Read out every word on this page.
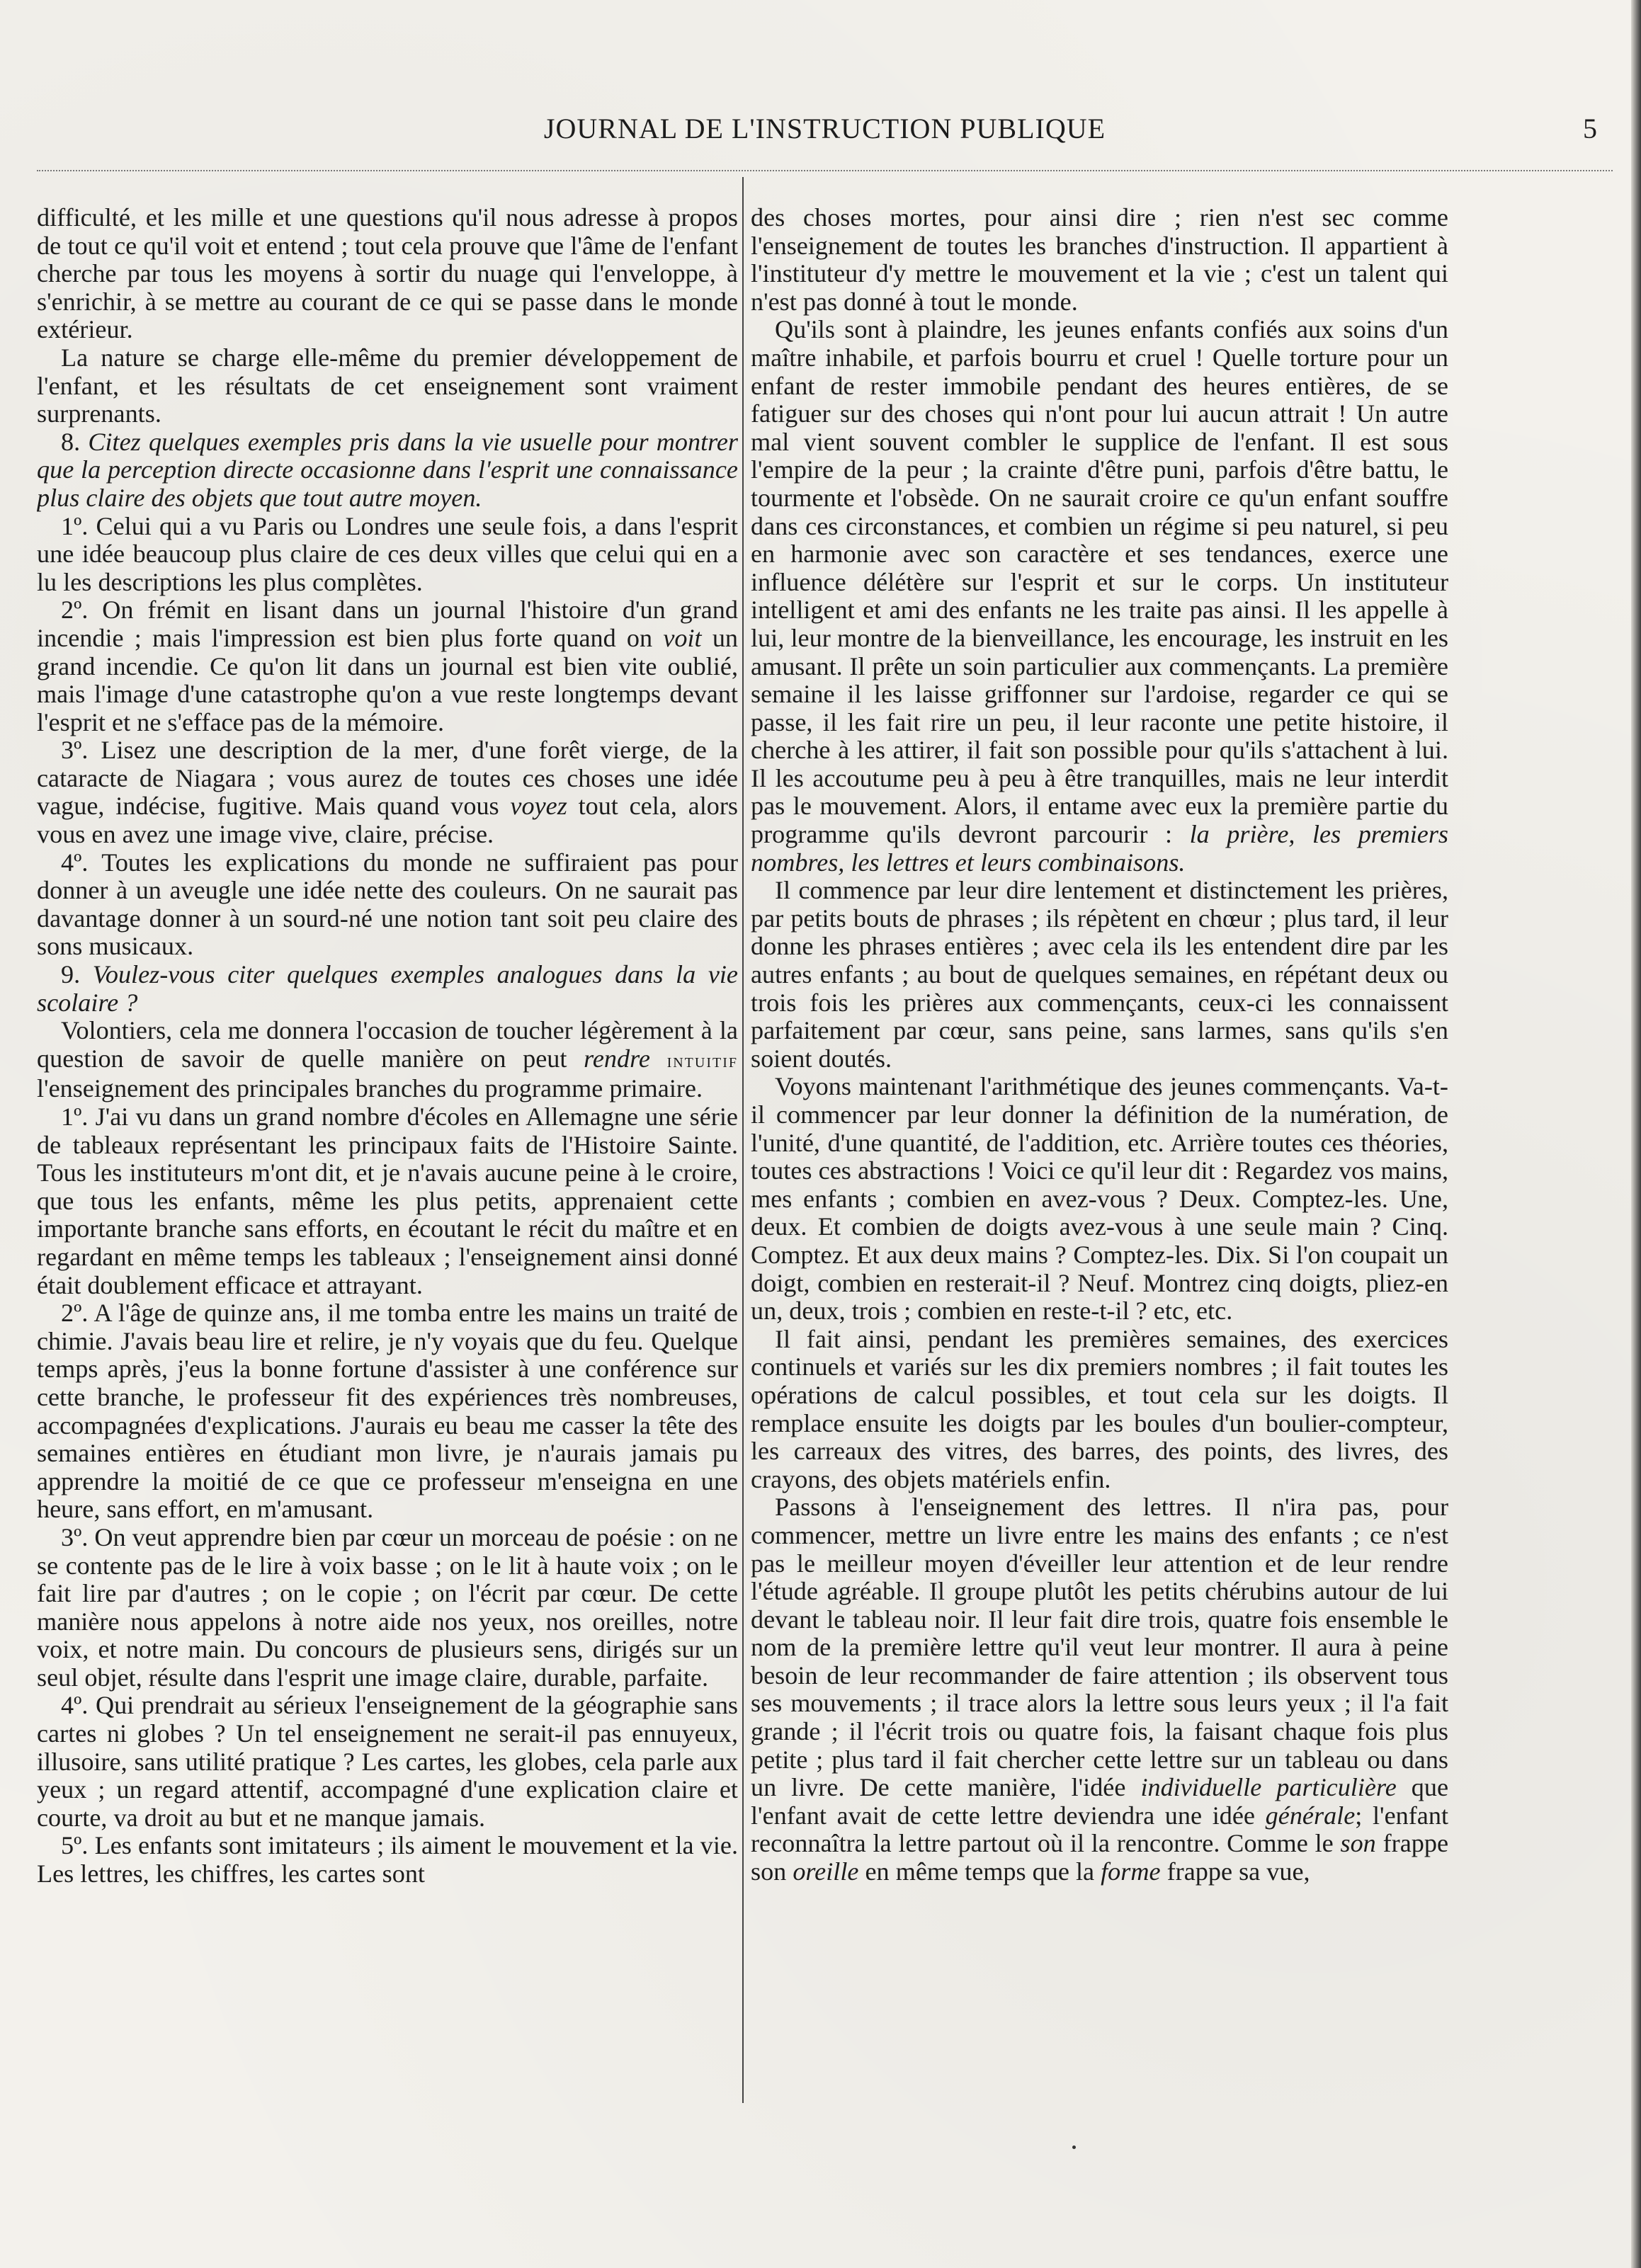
JOURNAL DE L'INSTRUCTION PUBLIQUE	5

difficulté, et les mille et une questions qu'il nous adresse à propos de tout ce qu'il voit et entend ; tout cela prouve que l'âme de l'enfant cherche par tous les moyens à sortir du nuage qui l'enveloppe, à s'enrichir, à se mettre au courant de ce qui se passe dans le monde extérieur.

La nature se charge elle-même du premier développement de l'enfant, et les résultats de cet enseignement sont vraiment surprenants.

8. Citez quelques exemples pris dans la vie usuelle pour montrer que la perception directe occasionne dans l'esprit une connaissance plus claire des objets que tout autre moyen.

1º. Celui qui a vu Paris ou Londres une seule fois, a dans l'esprit une idée beaucoup plus claire de ces deux villes que celui qui en a lu les descriptions les plus complètes.

2º. On frémit en lisant dans un journal l'histoire d'un grand incendie ; mais l'impression est bien plus forte quand on voit un grand incendie. Ce qu'on lit dans un journal est bien vite oublié, mais l'image d'une catastrophe qu'on a vue reste longtemps devant l'esprit et ne s'efface pas de la mémoire.

3º. Lisez une description de la mer, d'une forêt vierge, de la cataracte de Niagara ; vous aurez de toutes ces choses une idée vague, indécise, fugitive. Mais quand vous voyez tout cela, alors vous en avez une image vive, claire, précise.

4º. Toutes les explications du monde ne suffiraient pas pour donner à un aveugle une idée nette des couleurs. On ne saurait pas davantage donner à un sourd-né une notion tant soit peu claire des sons musicaux.

9. Voulez-vous citer quelques exemples analogues dans la vie scolaire ?

Volontiers, cela me donnera l'occasion de toucher légèrement à la question de savoir de quelle manière on peut rendre intuitif l'enseignement des principales branches du programme primaire.

1º. J'ai vu dans un grand nombre d'écoles en Allemagne une série de tableaux représentant les principaux faits de l'Histoire Sainte. Tous les instituteurs m'ont dit, et je n'avais aucune peine à le croire, que tous les enfants, même les plus petits, apprenaient cette importante branche sans efforts, en écoutant le récit du maître et en regardant en même temps les tableaux ; l'enseignement ainsi donné était doublement efficace et attrayant.

2º. A l'âge de quinze ans, il me tomba entre les mains un traité de chimie. J'avais beau lire et relire, je n'y voyais que du feu. Quelque temps après, j'eus la bonne fortune d'assister à une conférence sur cette branche, le professeur fit des expériences très nombreuses, accompagnées d'explications. J'aurais eu beau me casser la tête des semaines entières en étudiant mon livre, je n'aurais jamais pu apprendre la moitié de ce que ce professeur m'enseigna en une heure, sans effort, en m'amusant.

3º. On veut apprendre bien par cœur un morceau de poésie : on ne se contente pas de le lire à voix basse ; on le lit à haute voix ; on le fait lire par d'autres ; on le copie ; on l'écrit par cœur. De cette manière nous appelons à notre aide nos yeux, nos oreilles, notre voix, et notre main. Du concours de plusieurs sens, dirigés sur un seul objet, résulte dans l'esprit une image claire, durable, parfaite.

4º. Qui prendrait au sérieux l'enseignement de la géographie sans cartes ni globes ? Un tel enseignement ne serait-il pas ennuyeux, illusoire, sans utilité pratique ? Les cartes, les globes, cela parle aux yeux ; un regard attentif, accompagné d'une explication claire et courte, va droit au but et ne manque jamais.

5º. Les enfants sont imitateurs ; ils aiment le mouvement et la vie. Les lettres, les chiffres, les cartes sont

des choses mortes, pour ainsi dire ; rien n'est sec comme l'enseignement de toutes les branches d'instruction. Il appartient à l'instituteur d'y mettre le mouvement et la vie ; c'est un talent qui n'est pas donné à tout le monde.

Qu'ils sont à plaindre, les jeunes enfants confiés aux soins d'un maître inhabile, et parfois bourru et cruel ! Quelle torture pour un enfant de rester immobile pendant des heures entières, de se fatiguer sur des choses qui n'ont pour lui aucun attrait ! Un autre mal vient souvent combler le supplice de l'enfant. Il est sous l'empire de la peur ; la crainte d'être puni, parfois d'être battu, le tourmente et l'obsède. On ne saurait croire ce qu'un enfant souffre dans ces circonstances, et combien un régime si peu naturel, si peu en harmonie avec son caractère et ses tendances, exerce une influence délétère sur l'esprit et sur le corps. Un instituteur intelligent et ami des enfants ne les traite pas ainsi. Il les appelle à lui, leur montre de la bienveillance, les encourage, les instruit en les amusant. Il prête un soin particulier aux commençants. La première semaine il les laisse griffonner sur l'ardoise, regarder ce qui se passe, il les fait rire un peu, il leur raconte une petite histoire, il cherche à les attirer, il fait son possible pour qu'ils s'attachent à lui. Il les accoutume peu à peu à être tranquilles, mais ne leur interdit pas le mouvement. Alors, il entame avec eux la première partie du programme qu'ils devront parcourir : la prière, les premiers nombres, les lettres et leurs combinaisons.

Il commence par leur dire lentement et distinctement les prières, par petits bouts de phrases ; ils répètent en chœur ; plus tard, il leur donne les phrases entières ; avec cela ils les entendent dire par les autres enfants ; au bout de quelques semaines, en répétant deux ou trois fois les prières aux commençants, ceux-ci les connaissent parfaitement par cœur, sans peine, sans larmes, sans qu'ils s'en soient doutés.

Voyons maintenant l'arithmétique des jeunes commençants. Va-t-il commencer par leur donner la définition de la numération, de l'unité, d'une quantité, de l'addition, etc. Arrière toutes ces théories, toutes ces abstractions ! Voici ce qu'il leur dit : Regardez vos mains, mes enfants ; combien en avez-vous ? Deux. Comptez-les. Une, deux. Et combien de doigts avez-vous à une seule main ? Cinq. Comptez. Et aux deux mains ? Comptez-les. Dix. Si l'on coupait un doigt, combien en resterait-il ? Neuf. Montrez cinq doigts, pliez-en un, deux, trois ; combien en reste-t-il ? etc, etc.

Il fait ainsi, pendant les premières semaines, des exercices continuels et variés sur les dix premiers nombres ; il fait toutes les opérations de calcul possibles, et tout cela sur les doigts. Il remplace ensuite les doigts par les boules d'un boulier-compteur, les carreaux des vitres, des barres, des points, des livres, des crayons, des objets matériels enfin.

Passons à l'enseignement des lettres. Il n'ira pas, pour commencer, mettre un livre entre les mains des enfants ; ce n'est pas le meilleur moyen d'éveiller leur attention et de leur rendre l'étude agréable. Il groupe plutôt les petits chérubins autour de lui devant le tableau noir. Il leur fait dire trois, quatre fois ensemble le nom de la première lettre qu'il veut leur montrer. Il aura à peine besoin de leur recommander de faire attention ; ils observent tous ses mouvements ; il trace alors la lettre sous leurs yeux ; il l'a fait grande ; il l'écrit trois ou quatre fois, la faisant chaque fois plus petite ; plus tard il fait chercher cette lettre sur un tableau ou dans un livre. De cette manière, l'idée individuelle particulière que l'enfant avait de cette lettre deviendra une idée générale; l'enfant reconnaîtra la lettre partout où il la rencontre. Comme le son frappe son oreille en même temps que la forme frappe sa vue,
